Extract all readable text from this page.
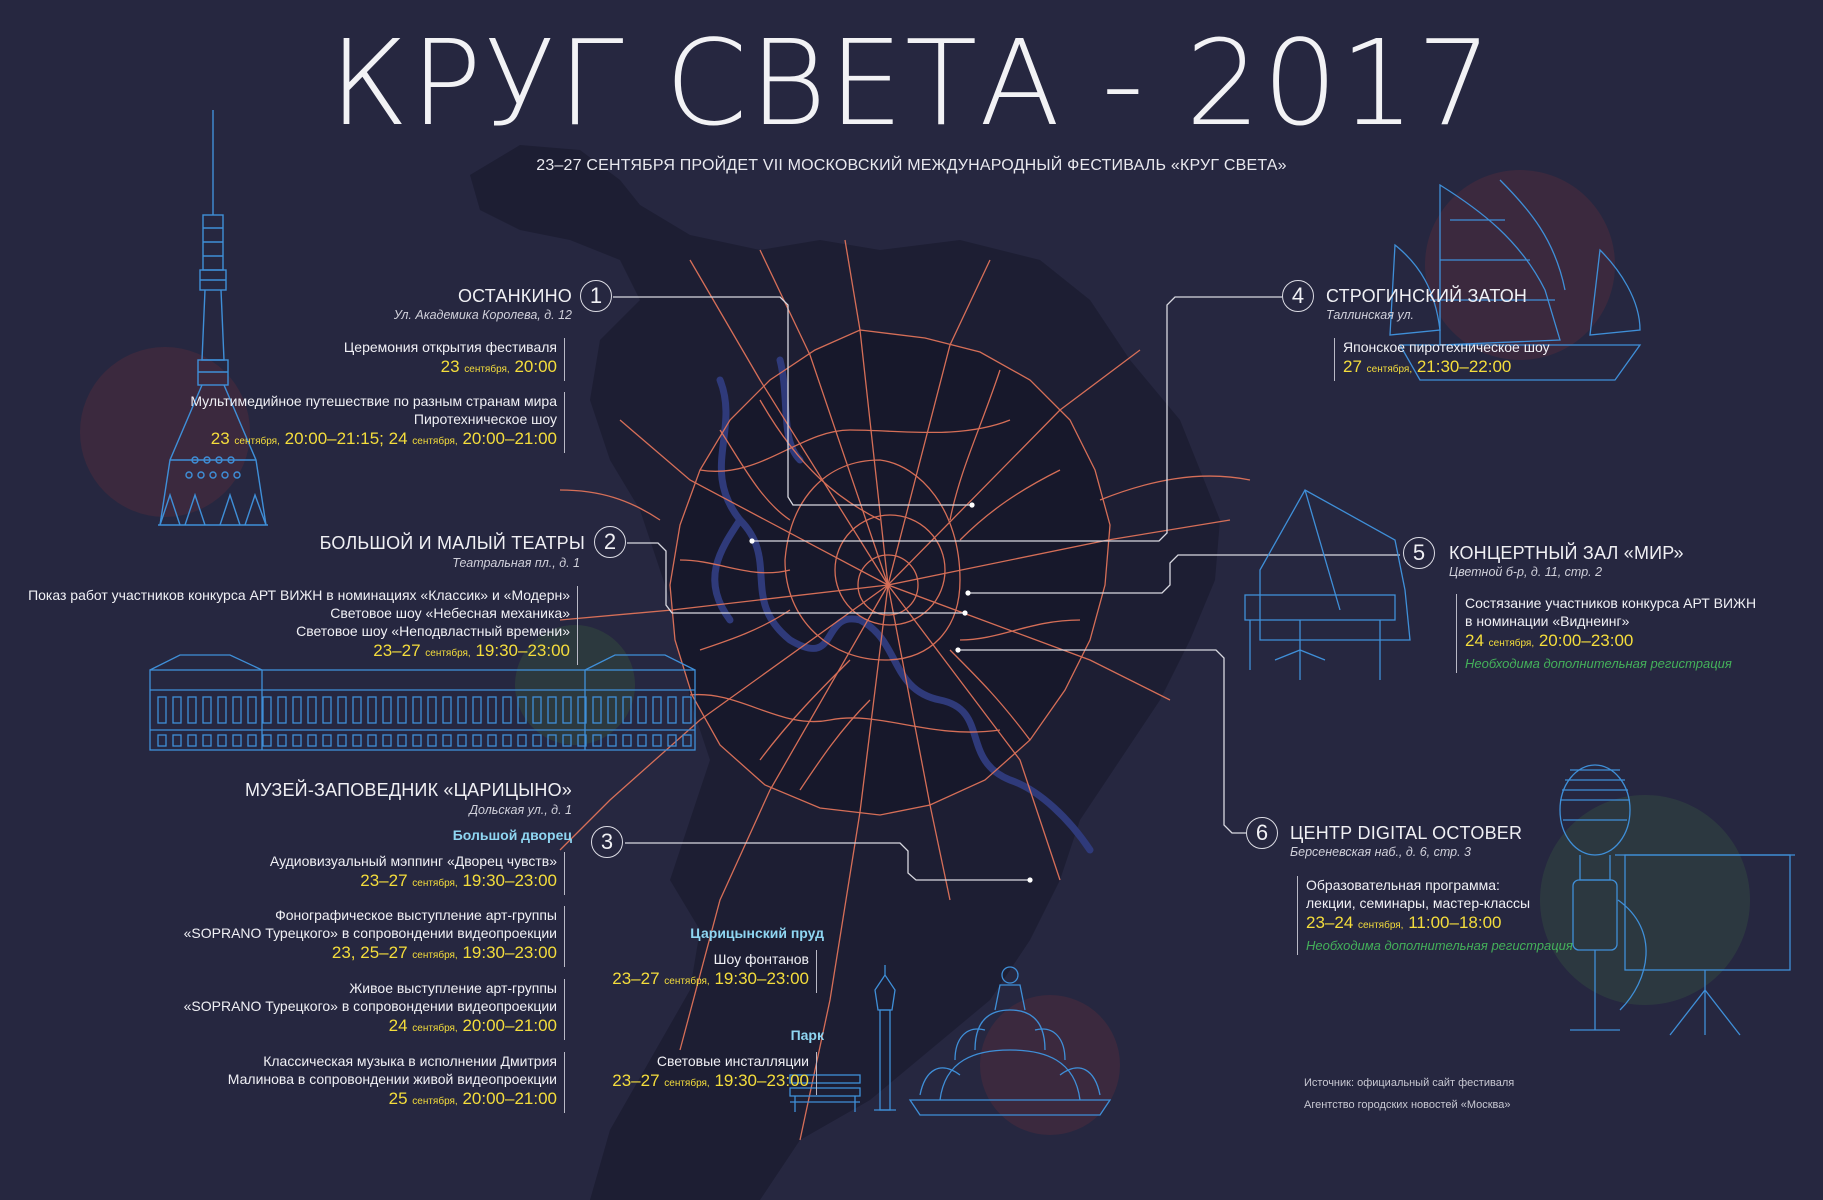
КРУГ СВЕТА - 2017
23–27 СЕНТЯБРЯ ПРОЙДЕТ VII МОСКОВСКИЙ МЕЖДУНАРОДНЫЙ ФЕСТИВАЛЬ «КРУГ СВЕТА»
1
ОСТАНКИНО
Ул. Академика Королева, д. 12
Церемония открытия фестиваля
23 сентября, 20:00
Мультимедийное путешествие по разным странам мира
Пиротехническое шоу
23 сентября, 20:00–21:15; 24 сентября, 20:00–21:00
2
БОЛЬШОЙ И МАЛЫЙ ТЕАТРЫ
Театральная пл., д. 1
Показ работ участников конкурса АРТ ВИЖН в номинациях «Классик» и «Модерн»
Световое шоу «Небесная механика»
Световое шоу «Неподвластный времени»
23–27 сентября, 19:30–23:00
3
МУЗЕЙ-ЗАПОВЕДНИК «ЦАРИЦЫНО»
Дольская ул., д. 1
Большой дворец
Аудиовизуальный мэппинг «Дворец чувств»
23–27 сентября, 19:30–23:00
Фонографическое выступление арт-группы
«SOPRANO Турецкого» в сопровондении видеопроекции
23, 25–27 сентября, 19:30–23:00
Живое выступление арт-группы
«SOPRANO Турецкого» в сопровондении видеопроекции
24 сентября, 20:00–21:00
Классическая музыка в исполнении Дмитрия
Малинова в сопровондении живой видеопроекции
25 сентября, 20:00–21:00
Царицынский пруд
Шоу фонтанов
23–27 сентября, 19:30–23:00
Парк
Световые инсталляции
23–27 сентября, 19:30–23:00
4	СТРОГИНСКИЙ ЗАТОН
Таллинская ул.
Японское пиротехническое шоу
27 сентября, 21:30–22:00
5	КОНЦЕРТНЫЙ ЗАЛ «МИР»
Цветной б-р, д. 11, стр. 2
Состязание участников конкурса АРТ ВИЖН
в номинации «Виднеинг»
24 сентября, 20:00–23:00
Необходима дополнительная регистрация
6	ЦЕНТР DIGITAL OCTOBER
Берсеневская наб., д. 6, стр. 3
Образовательная программа:
лекции, семинары, мастер-классы
23–24 сентября, 11:00–18:00
Необходима дополнительная регистрация
Источник: официальный сайт фестиваля
Агентство городских новостей «Москва»
